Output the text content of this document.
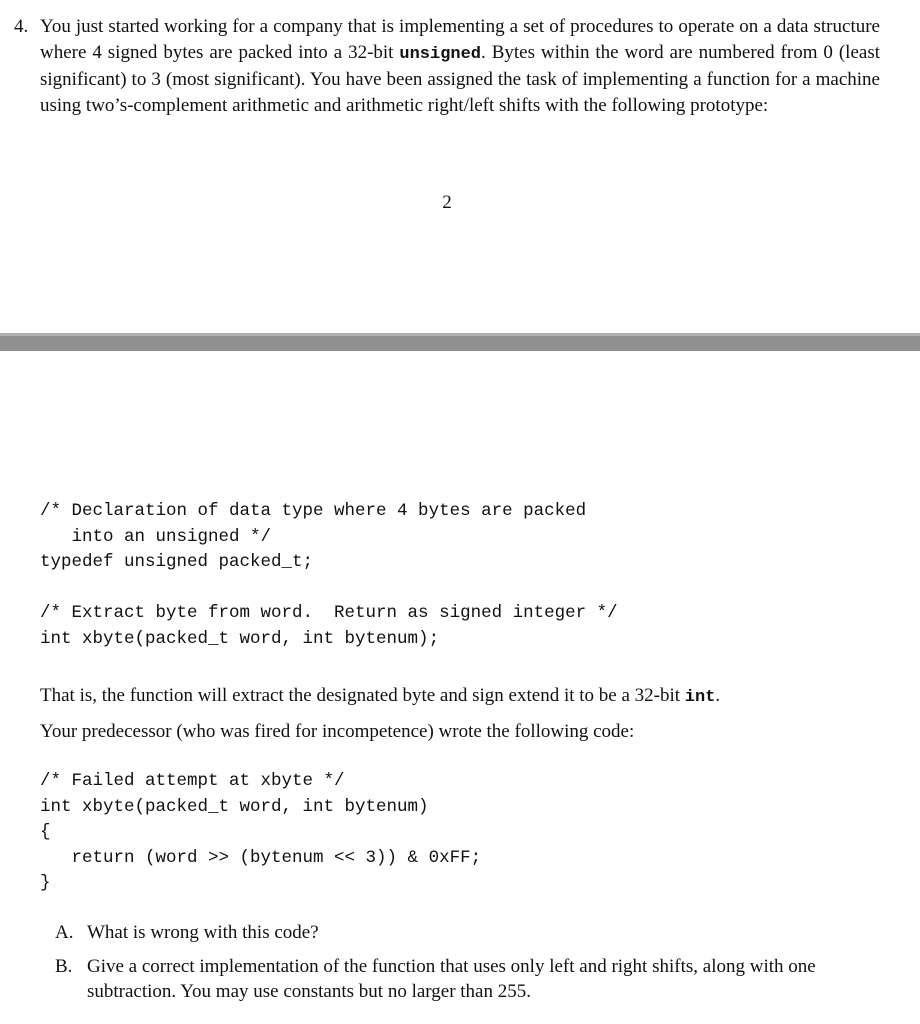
4. You just started working for a company that is implementing a set of procedures to operate on a data structure where 4 signed bytes are packed into a 32-bit unsigned. Bytes within the word are numbered from 0 (least significant) to 3 (most significant). You have been assigned the task of implementing a function for a machine using two’s-complement arithmetic and arithmetic right/left shifts with the following prototype:
2
/* Declaration of data type where 4 bytes are packed
into an unsigned */
typedef unsigned packed_t;
/* Extract byte from word.  Return as signed integer */
int xbyte(packed_t word, int bytenum);
That is, the function will extract the designated byte and sign extend it to be a 32-bit int.
Your predecessor (who was fired for incompetence) wrote the following code:
/* Failed attempt at xbyte */
int xbyte(packed_t word, int bytenum)
{
return (word >> (bytenum << 3)) & 0xFF;
}
A. What is wrong with this code?
B. Give a correct implementation of the function that uses only left and right shifts, along with one subtraction. You may use constants but no larger than 255.
